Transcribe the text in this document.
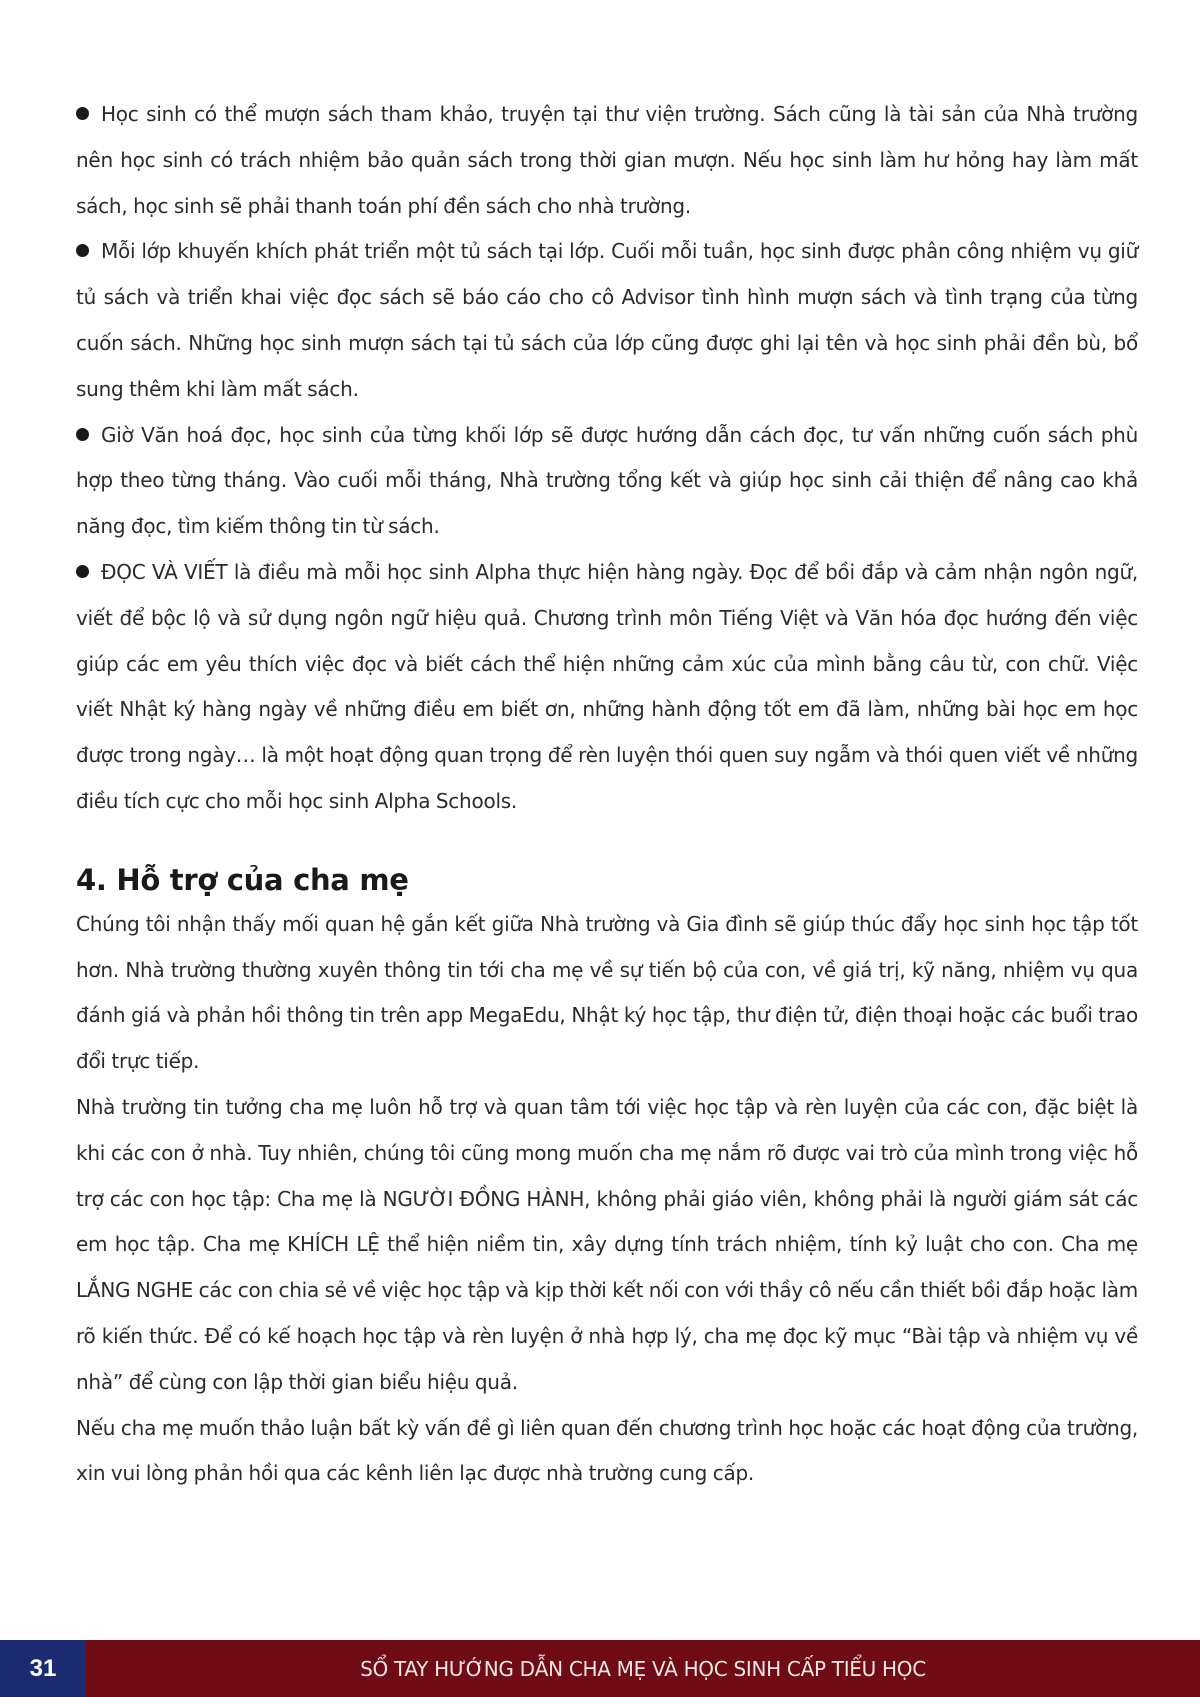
Học sinh có thể mượn sách tham khảo, truyện tại thư viện trường. Sách cũng là tài sản của Nhà trường nên học sinh có trách nhiệm bảo quản sách trong thời gian mượn. Nếu học sinh làm hư hỏng hay làm mất sách, học sinh sẽ phải thanh toán phí đền sách cho nhà trường.

Mỗi lớp khuyến khích phát triển một tủ sách tại lớp. Cuối mỗi tuần, học sinh được phân công nhiệm vụ giữ tủ sách và triển khai việc đọc sách sẽ báo cáo cho cô Advisor tình hình mượn sách và tình trạng của từng cuốn sách. Những học sinh mượn sách tại tủ sách của lớp cũng được ghi lại tên và học sinh phải đền bù, bổ sung thêm khi làm mất sách.

Giờ Văn hoá đọc, học sinh của từng khối lớp sẽ được hướng dẫn cách đọc, tư vấn những cuốn sách phù hợp theo từng tháng. Vào cuối mỗi tháng, Nhà trường tổng kết và giúp học sinh cải thiện để nâng cao khả năng đọc, tìm kiếm thông tin từ sách.

ĐỌC VÀ VIẾT là điều mà mỗi học sinh Alpha thực hiện hàng ngày. Đọc để bồi đắp và cảm nhận ngôn ngữ, viết để bộc lộ và sử dụng ngôn ngữ hiệu quả. Chương trình môn Tiếng Việt và Văn hóa đọc hướng đến việc giúp các em yêu thích việc đọc và biết cách thể hiện những cảm xúc của mình bằng câu từ, con chữ. Việc viết Nhật ký hàng ngày về những điều em biết ơn, những hành động tốt em đã làm, những bài học em học được trong ngày… là một hoạt động quan trọng để rèn luyện thói quen suy ngẫm và thói quen viết về những điều tích cực cho mỗi học sinh Alpha Schools.

4. Hỗ trợ của cha mẹ

Chúng tôi nhận thấy mối quan hệ gắn kết giữa Nhà trường và Gia đình sẽ giúp thúc đẩy học sinh học tập tốt hơn. Nhà trường thường xuyên thông tin tới cha mẹ về sự tiến bộ của con, về giá trị, kỹ năng, nhiệm vụ qua đánh giá và phản hồi thông tin trên app MegaEdu, Nhật ký học tập, thư điện tử, điện thoại hoặc các buổi trao đổi trực tiếp.

Nhà trường tin tưởng cha mẹ luôn hỗ trợ và quan tâm tới việc học tập và rèn luyện của các con, đặc biệt là khi các con ở nhà. Tuy nhiên, chúng tôi cũng mong muốn cha mẹ nắm rõ được vai trò của mình trong việc hỗ trợ các con học tập: Cha mẹ là NGƯỜI ĐỒNG HÀNH, không phải giáo viên, không phải là người giám sát các em học tập. Cha mẹ KHÍCH LỆ thể hiện niềm tin, xây dựng tính trách nhiệm, tính kỷ luật cho con. Cha mẹ LẮNG NGHE các con chia sẻ về việc học tập và kịp thời kết nối con với thầy cô nếu cần thiết bồi đắp hoặc làm rõ kiến thức. Để có kế hoạch học tập và rèn luyện ở nhà hợp lý, cha mẹ đọc kỹ mục “Bài tập và nhiệm vụ về nhà” để cùng con lập thời gian biểu hiệu quả.

Nếu cha mẹ muốn thảo luận bất kỳ vấn đề gì liên quan đến chương trình học hoặc các hoạt động của trường, xin vui lòng phản hồi qua các kênh liên lạc được nhà trường cung cấp.

31	SỔ TAY HƯỚNG DẪN CHA MẸ VÀ HỌC SINH CẤP TIỂU HỌC
